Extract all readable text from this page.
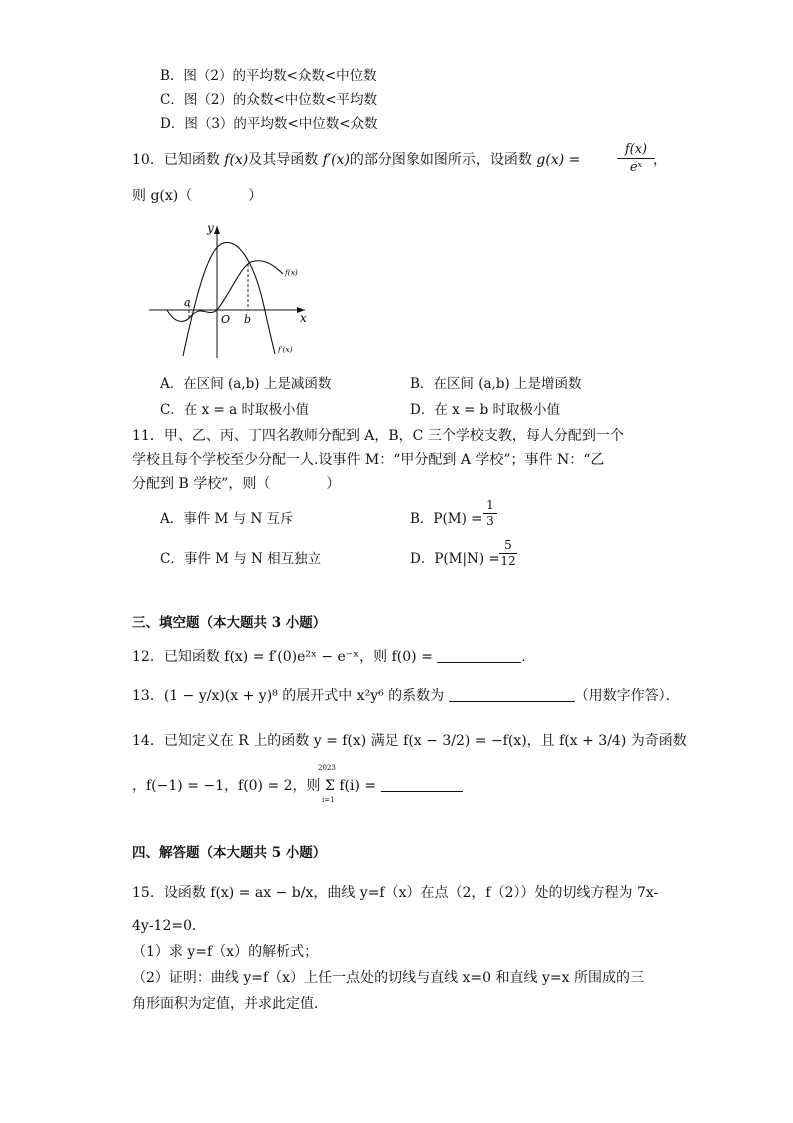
B．图（2）的平均数<众数<中位数
C．图（2）的众数<中位数<平均数
D．图（3）的平均数<中位数<众数
10．已知函数 f(x)及其导函数 f′(x)的部分图象如图所示，设函数 g(x) =	$\frac{f(x)}{\text{eˣ}}$
，
则 g(x)（　　　　）
y
x
O
a
b
f(x)
f′(x)
A．在区间 (a,b) 上是减函数	B．在区间 (a,b) 上是增函数
C．在 x = a 时取极小值	D．在 x = b 时取极小值
11．甲、乙、丙、丁四名教师分配到 A，B，C 三个学校支教，每人分配到一个
学校且每个学校至少分配一人.设事件 M：“甲分配到 A 学校”；事件 N：“乙
分配到 B 学校”，则（　　　　）
A．事件 M 与 N 互斥	B．$P(M) = \frac{1}{3}$
C．事件 M 与 N 相互独立	D．$P(M|N) = \frac{5}{12}$
三、填空题（本大题共 3 小题）
12．已知函数 f(x) = f′(0)e²ˣ − e⁻ˣ，则 f(0) =	.
13．(1 − y/x)(x + y)⁸ 的展开式中 x²y⁶ 的系数为	（用数字作答）．
14．已知定义在 R 上的函数 y = f(x) 满足 f(x − 3/2) = −f(x)，且 f(x + 3/4) 为奇函数
，f(−1) = −1，f(0) = 2，则 Σ f(i) =
2023
i=1
四、解答题（本大题共 5 小题）
15．设函数 f(x) = ax − b/x，曲线 y=f（x）在点（2，f（2））处的切线方程为 7x-
4y-12=0．
（1）求 y=f（x）的解析式；
（2）证明：曲线 y=f（x）上任一点处的切线与直线 x=0 和直线 y=x 所围成的三
角形面积为定值，并求此定值．
